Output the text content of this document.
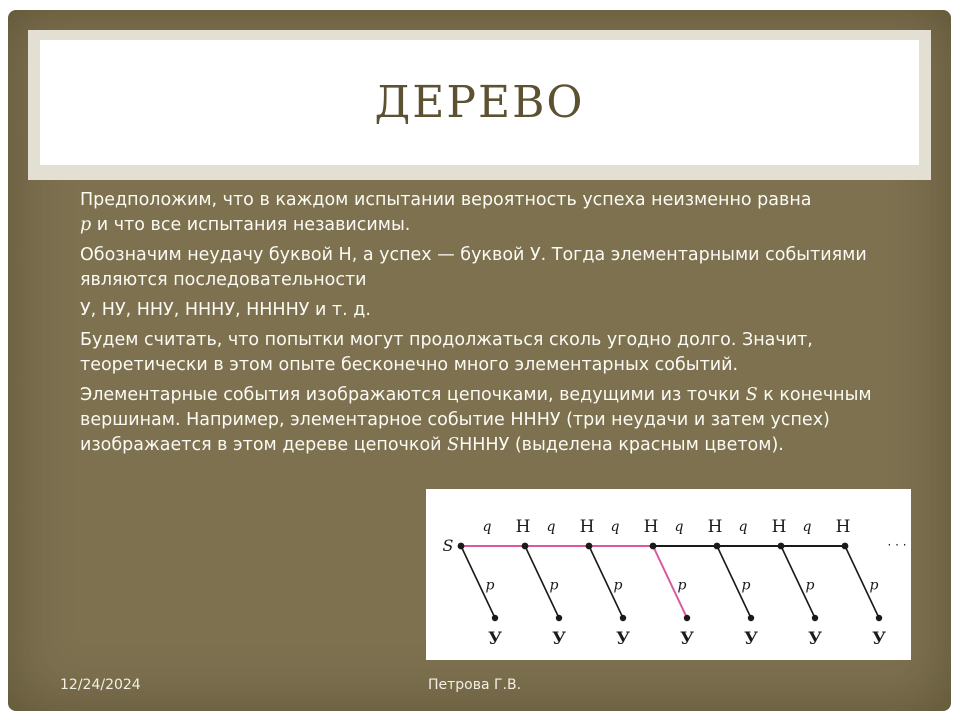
ДЕРЕВО

Предположим, что в каждом испытании вероятность успеха неизменно равна
p и что все испытания независимы.

Обозначим неудачу буквой Н, а успех — буквой У. Тогда элементарными событиями являются последовательности

У, НУ, ННУ, НННУ, ННННУ и т. д.

Будем считать, что попытки могут продолжаться сколь угодно долго. Значит, теоретически в этом опыте бесконечно много элементарных событий.

Элементарные события изображаются цепочками, ведущими из точки S к конечным вершинам. Например, элементарное событие НННУ (три неудачи и затем успех) изображается в этом дереве цепочкой SНННУ (выделена красным цветом).

q Н q Н q Н q Н q Н q Н
S	· · ·
p
У
p
У
p
У
p
У
p
У
p
У
p
У
12/24/2024	Петрова Г.В.
